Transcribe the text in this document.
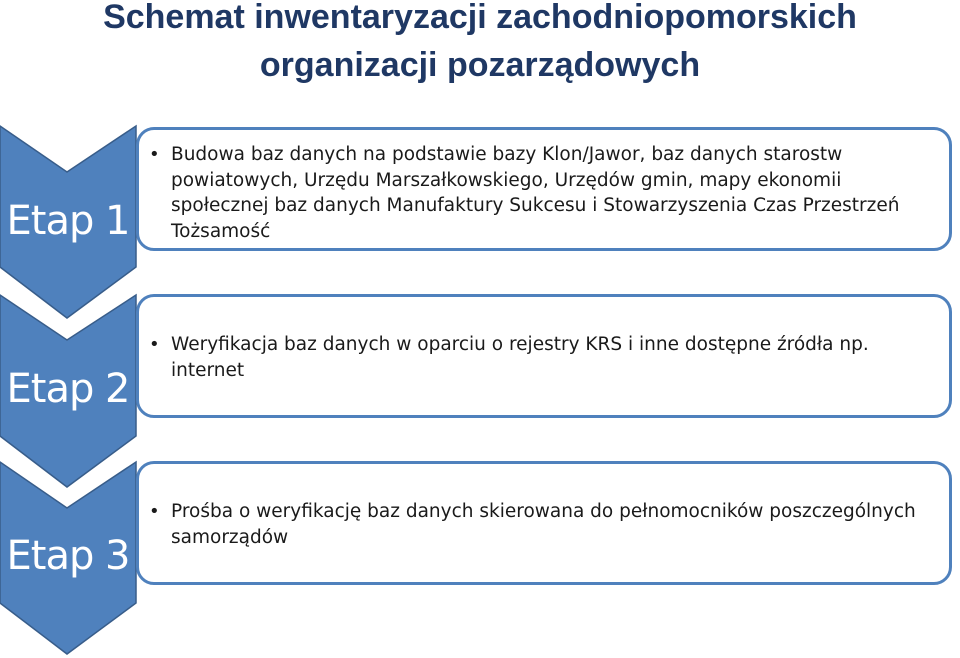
Schemat inwentaryzacji zachodniopomorskich
organizacji pozarządowych
Etap 1
Etap 2
Etap 3
• Budowa baz danych na podstawie bazy Klon/Jawor, baz danych starostw powiatowych, Urzędu Marszałkowskiego, Urzędów gmin, mapy ekonomii społecznej baz danych Manufaktury Sukcesu i Stowarzyszenia Czas Przestrzeń Tożsamość
• Weryfikacja baz danych w oparciu o rejestry KRS i inne dostępne źródła np. internet
• Prośba o weryfikację baz danych skierowana do pełnomocników poszczególnych samorządów
